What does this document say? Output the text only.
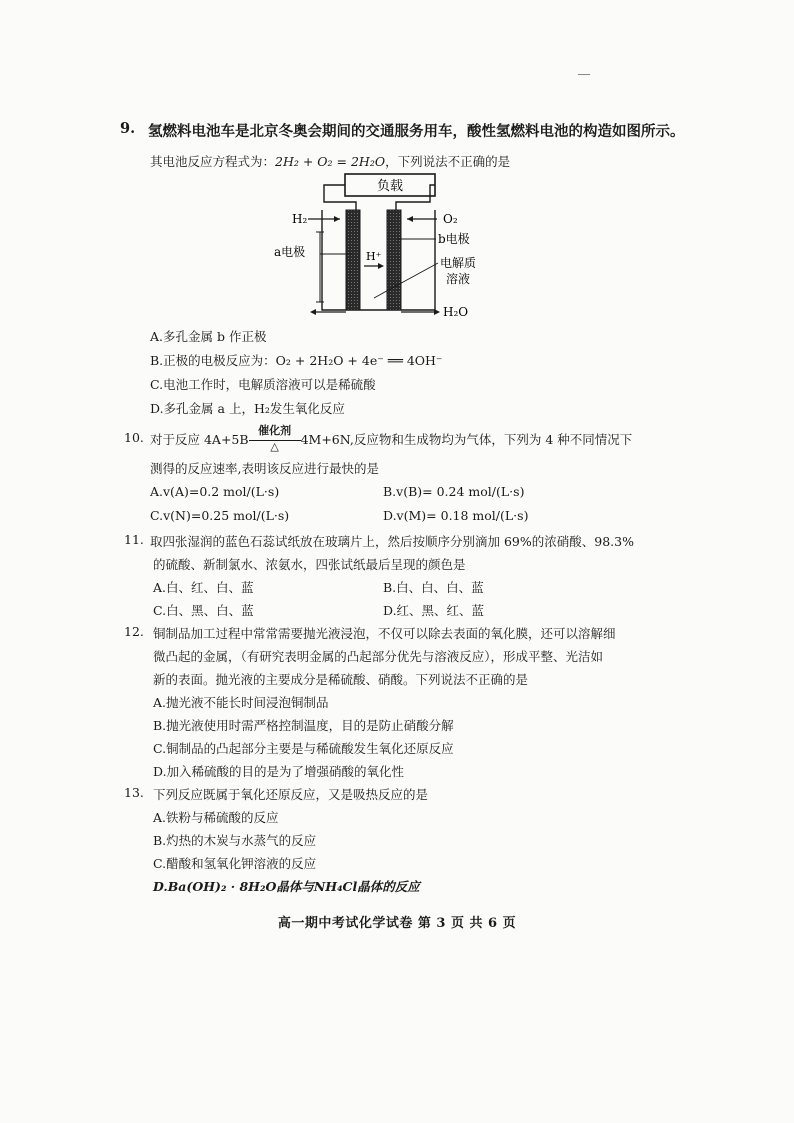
9. 氢燃料电池车是北京冬奥会期间的交通服务用车，酸性氢燃料电池的构造如图所示。
其电池反应方程式为：2H₂ + O₂ = 2H₂O，下列说法不正确的是
负载
H₂	O₂
a电极
b电极
H⁺	电解质
溶液
H₂O
A.多孔金属 b 作正极
B.正极的电极反应为：O₂ + 2H₂O + 4e⁻ ══ 4OH⁻
C.电池工作时，电解质溶液可以是稀硫酸
D.多孔金属 a 上，H₂发生氧化反应
10. 对于反应 $4A+5B \frac{\text{催化剂}}{\triangle} 4M+6N$,反应物和生成物均为气体，下列为 4 种不同情况下
测得的反应速率,表明该反应进行最快的是
A.v(A)=0.2 mol/(L·s)	B.v(B)= 0.24 mol/(L·s)
C.v(N)=0.25 mol/(L·s)	D.v(M)= 0.18 mol/(L·s)
11. 取四张湿润的蓝色石蕊试纸放在玻璃片上，然后按顺序分别滴加 69%的浓硝酸、98.3%
的硫酸、新制氯水、浓氨水，四张试纸最后呈现的颜色是
A.白、红、白、蓝	B.白、白、白、蓝
C.白、黑、白、蓝	D.红、黑、红、蓝
12. 铜制品加工过程中常常需要抛光液浸泡，不仅可以除去表面的氧化膜，还可以溶解细
微凸起的金属，（有研究表明金属的凸起部分优先与溶液反应），形成平整、光洁如
新的表面。抛光液的主要成分是稀硫酸、硝酸。下列说法不正确的是
A.抛光液不能长时间浸泡铜制品
B.抛光液使用时需严格控制温度，目的是防止硝酸分解
C.铜制品的凸起部分主要是与稀硫酸发生氧化还原反应
D.加入稀硫酸的目的是为了增强硝酸的氧化性
13. 下列反应既属于氧化还原反应，又是吸热反应的是
A.铁粉与稀硫酸的反应
B.灼热的木炭与水蒸气的反应
C.醋酸和氢氧化钾溶液的反应
D.Ba(OH)₂ · 8H₂O晶体与NH₄Cl晶体的反应
高一期中考试化学试卷 第 3 页 共 6 页
